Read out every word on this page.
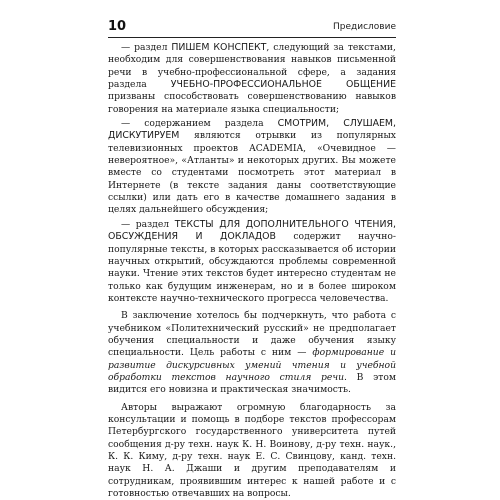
10	Предисловие

— раздел ПИШЕМ КОНСПЕКТ, следующий за текстами, необходим для совершенствования навыков письменной речи в учебно-профессиональной сфере, а задания раздела УЧЕБНО-ПРОФЕССИОНАЛЬНОЕ ОБЩЕНИЕ призваны способствовать совершенствованию навыков говорения на материале языка специальности;

— содержанием раздела СМОТРИМ, СЛУШАЕМ, ДИСКУТИРУЕМ являются отрывки из популярных телевизионных проектов ACADEMIA, «Очевидное — невероятное», «Атланты» и некоторых других. Вы можете вместе со студентами посмотреть этот материал в Интернете (в тексте задания даны соответствующие ссылки) или дать его в качестве домашнего задания в целях дальнейшего обсуждения;

— раздел ТЕКСТЫ ДЛЯ ДОПОЛНИТЕЛЬНОГО ЧТЕНИЯ, ОБСУЖДЕНИЯ И ДОКЛАДОВ содержит научно-популярные тексты, в которых рассказывается об истории научных открытий, обсуждаются проблемы современной науки. Чтение этих текстов будет интересно студентам не только как будущим инженерам, но и в более широком контексте научно-технического прогресса человечества.

В заключение хотелось бы подчеркнуть, что работа с учебником «Политехнический русский» не предполагает обучения специальности и даже обучения языку специальности. Цель работы с ним — формирование и развитие дискурсивных умений чтения и учебной обработки текстов научного стиля речи. В этом видится его новизна и практическая значимость.

Авторы выражают огромную благодарность за консультации и помощь в подборе текстов профессорам Петербургского государственного университета путей сообщения д-ру техн. наук К. Н. Воинову, д-ру техн. наук., К. К. Киму, д-ру техн. наук Е. С. Свинцову, канд. техн. наук Н. А. Джаши и другим преподавателям и сотрудникам, проявившим интерес к нашей работе и с готовностью отвечавших на вопросы.
